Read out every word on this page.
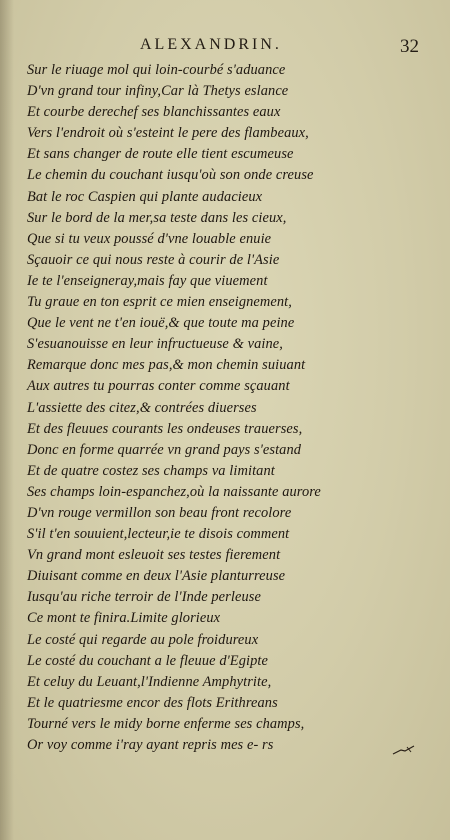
ALEXANDRIN.	32
Sur le riuage mol qui loin-courbé s'aduance
D'vn grand tour infiny,Car là Thetys eslance
Et courbe derechef ses blanchissantes eaux
Vers l'endroit où s'esteint le pere des flambeaux,
Et sans changer de route elle tient escumeuse
Le chemin du couchant iusqu'où son onde creuse
Bat le roc Caspien qui plante audacieux
Sur le bord de la mer,sa teste dans les cieux,
Que si tu veux poussé d'vne louable enuie
Sçauoir ce qui nous reste à courir de l'Asie
Ie te l'enseigneray,mais fay que viuement
Tu graue en ton esprit ce mien enseignement,
Que le vent ne t'en iouë,& que toute ma peine
S'esuanouisse en leur infructueuse & vaine,
Remarque donc mes pas,& mon chemin suiuant
Aux autres tu pourras conter comme sçauant
L'assiette des citez,& contrées diuerses
Et des fleuues courants les ondeuses trauerses,
Donc en forme quarrée vn grand pays s'estand
Et de quatre costez ses champs va limitant
Ses champs loin-espanchez,où la naissante aurore
D'vn rouge vermillon son beau front recolore
S'il t'en souuient,lecteur,ie te disois comment
Vn grand mont esleuoit ses testes fierement
Diuisant comme en deux l'Asie planturreuse
Iusqu'au riche terroir de l'Inde perleuse
Ce mont te finira.Limite glorieux
Le costé qui regarde au pole froidureux
Le costé du couchant a le fleuue d'Egipte
Et celuy du Leuant,l'Indienne Amphytrite,
Et le quatriesme encor des flots Erithreans
Tourné vers le midy borne enferme ses champs,
Or voy comme i'ray ayant repris mes e- rs
